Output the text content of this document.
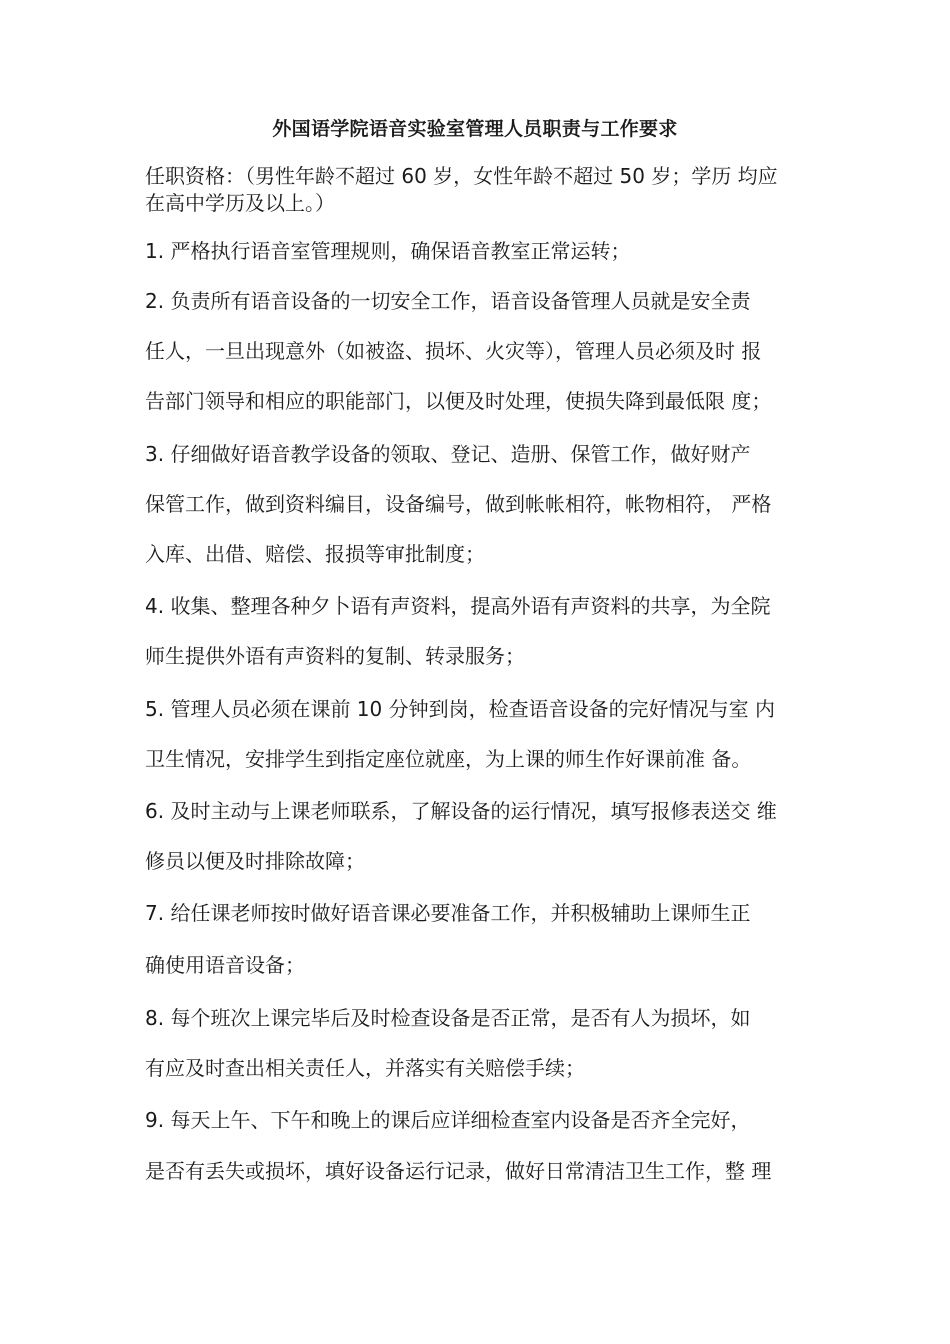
外国语学院语音实验室管理人员职责与工作要求
任职资格：（男性年龄不超过 60 岁，女性年龄不超过 50 岁；学历 均应
在高中学历及以上。）
1. 严格执行语音室管理规则，确保语音教室正常运转；
2. 负责所有语音设备的一切安全工作，语音设备管理人员就是安全责
任人，一旦出现意外（如被盗、损坏、火灾等），管理人员必须及时 报
告部门领导和相应的职能部门，以便及时处理，使损失降到最低限 度；
3. 仔细做好语音教学设备的领取、登记、造册、保管工作，做好财产
保管工作，做到资料编目，设备编号，做到帐帐相符，帐物相符， 严格
入库、出借、赔偿、报损等审批制度；
4. 收集、整理各种夕卜语有声资料，提高外语有声资料的共享，为全院
师生提供外语有声资料的复制、转录服务；
5. 管理人员必须在课前 10 分钟到岗，检查语音设备的完好情况与室 内
卫生情况，安排学生到指定座位就座，为上课的师生作好课前准 备。
6. 及时主动与上课老师联系，了解设备的运行情况，填写报修表送交 维
修员以便及时排除故障；
7. 给任课老师按时做好语音课必要准备工作，并积极辅助上课师生正
确使用语音设备；
8. 每个班次上课完毕后及时检查设备是否正常，是否有人为损坏，如
有应及时查出相关责任人，并落实有关赔偿手续；
9. 每天上午、下午和晚上的课后应详细检查室内设备是否齐全完好，
是否有丢失或损坏，填好设备运行记录，做好日常清洁卫生工作，整 理
